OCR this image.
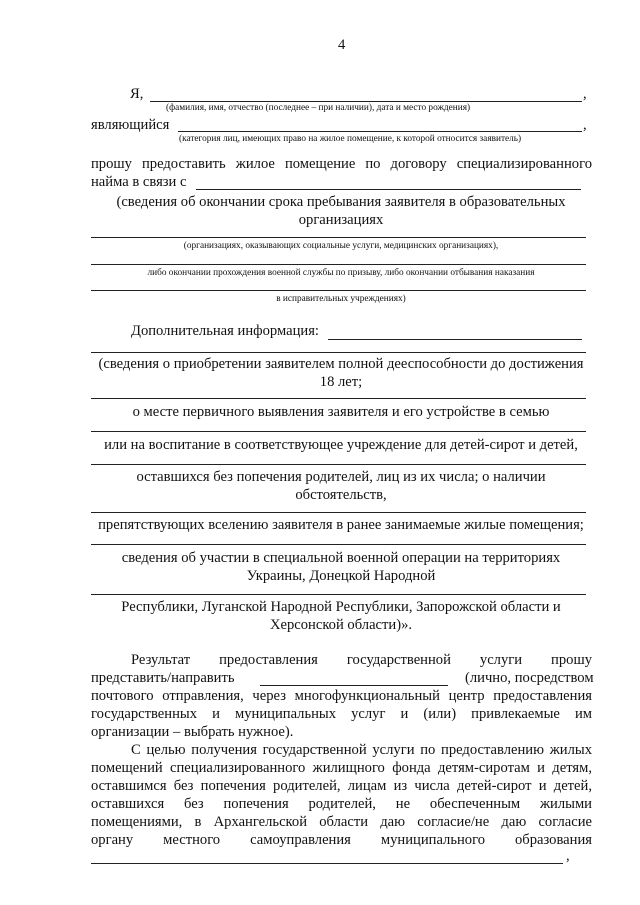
4
Я,	,
(фамилия, имя, отчество (последнее – при наличии), дата и место рождения)
являющийся	,
(категория лиц, имеющих право на жилое помещение, к которой относится заявитель)
прошу предоставить жилое помещение по договору специализированного
найма в связи с
(сведения об окончании срока пребывания заявителя в образовательных
организациях
(организациях, оказывающих социальные услуги, медицинских организациях),
либо окончании прохождения военной службы по призыву, либо окончании отбывания наказания
в исправительных учреждениях)
Дополнительная информация:
(сведения о приобретении заявителем полной дееспособности до достижения
18 лет;
о месте первичного выявления заявителя и его устройстве в семью
или на воспитание в соответствующее учреждение для детей-сирот и детей,
оставшихся без попечения родителей, лиц из их числа; о наличии
обстоятельств,
препятствующих вселению заявителя в ранее занимаемые жилые помещения;
сведения об участии в специальной военной операции на территориях
Украины, Донецкой Народной
Республики, Луганской Народной Республики, Запорожской области и
Херсонской области)».
Результат предоставления государственной услуги прошу
представить/направить	(лично, посредством
почтового отправления, через многофункциональный центр предоставления
государственных и муниципальных услуг и (или) привлекаемые им
организации – выбрать нужное).
С целью получения государственной услуги по предоставлению жилых
помещений специализированного жилищного фонда детям-сиротам и детям,
оставшимся без попечения родителей, лицам из числа детей-сирот и детей,
оставшихся без попечения родителей, не обеспеченным жилыми
помещениями, в Архангельской области даю согласие/не даю согласие
органу местного самоуправления муниципального образования
,
